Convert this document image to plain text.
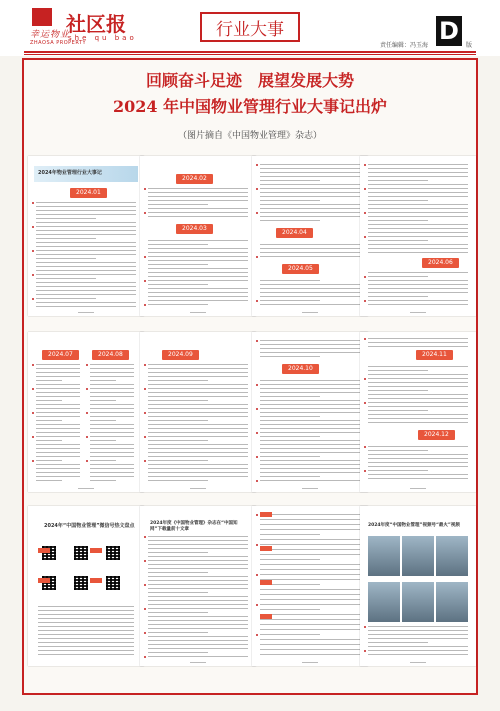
幸运物业
ZHAOSA PROPERTY
社区报
she qu bao	行业大事
责任编辑：冯玉海
D
版
回顾奋斗足迹　展望发展大势
2024 年中国物业管理行业大事记出炉
（图片摘自《中国物业管理》杂志）
2024年物业管理行业大事记
2024.01
2024.02
2024.03
2024.04
2024.05
2024.06
2024.07	2024.08	2024.09
2024.10
2024.11
2024.12
2024年“中国物业管理”微信号热文盘点	2024年度《中国物业管理》杂志在“中国知网”下载量前十文章
2024年度“中国物业管理”视频号“最火”视频
